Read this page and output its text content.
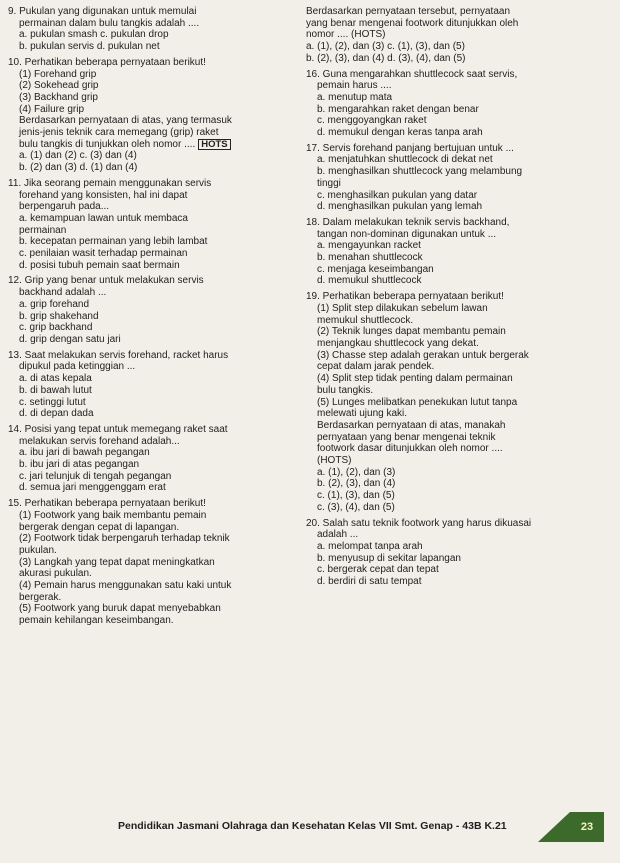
9. Pukulan yang digunakan untuk memulai
permainan dalam bulu tangkis adalah ....
a. pukulan smash c. pukulan drop
b. pukulan servis d. pukulan net
10. Perhatikan beberapa pernyataan berikut!
(1) Forehand grip
(2) Sokehead grip
(3) Backhand grip
(4) Failure grip
Berdasarkan pernyataan di atas, yang termasuk
jenis-jenis teknik cara memegang (grip) raket
bulu tangkis di tunjukkan oleh nomor .... HOTS
a. (1) dan (2) c. (3) dan (4)
b. (2) dan (3) d. (1) dan (4)
11. Jika seorang pemain menggunakan servis
forehand yang konsisten, hal ini dapat
berpengaruh pada...
a. kemampuan lawan untuk membaca
permainan
b. kecepatan permainan yang lebih lambat
c. penilaian wasit terhadap permainan
d. posisi tubuh pemain saat bermain
12. Grip yang benar untuk melakukan servis
backhand adalah ...
a. grip forehand
b. grip shakehand
c. grip backhand
d. grip dengan satu jari
13. Saat melakukan servis forehand, racket harus
dipukul pada ketinggian ...
a. di atas kepala
b. di bawah lutut
c. setinggi lutut
d. di depan dada
14. Posisi yang tepat untuk memegang raket saat
melakukan servis forehand adalah...
a. ibu jari di bawah pegangan
b. ibu jari di atas pegangan
c. jari telunjuk di tengah pegangan
d. semua jari menggenggam erat
15. Perhatikan beberapa pernyataan berikut!
(1) Footwork yang baik membantu pemain
bergerak dengan cepat di lapangan.
(2) Footwork tidak berpengaruh terhadap teknik
pukulan.
(3) Langkah yang tepat dapat meningkatkan
akurasi pukulan.
(4) Pemain harus menggunakan satu kaki untuk
bergerak.
(5) Footwork yang buruk dapat menyebabkan
pemain kehilangan keseimbangan.
Berdasarkan pernyataan tersebut, pernyataan
yang benar mengenai footwork ditunjukkan oleh
nomor .... (HOTS)
a. (1), (2), dan (3) c. (1), (3), dan (5)
b. (2), (3), dan (4) d. (3), (4), dan (5)
16. Guna mengarahkan shuttlecock saat servis,
pemain harus ....
a. menutup mata
b. mengarahkan raket dengan benar
c. menggoyangkan raket
d. memukul dengan keras tanpa arah
17. Servis forehand panjang bertujuan untuk ...
a. menjatuhkan shuttlecock di dekat net
b. menghasilkan shuttlecock yang melambung
tinggi
c. menghasilkan pukulan yang datar
d. menghasilkan pukulan yang lemah
18. Dalam melakukan teknik servis backhand,
tangan non-dominan digunakan untuk ...
a. mengayunkan racket
b. menahan shuttlecock
c. menjaga keseimbangan
d. memukul shuttlecock
19. Perhatikan beberapa pernyataan berikut!
(1) Split step dilakukan sebelum lawan
memukul shuttlecock.
(2) Teknik lunges dapat membantu pemain
menjangkau shuttlecock yang dekat.
(3) Chasse step adalah gerakan untuk bergerak
cepat dalam jarak pendek.
(4) Split step tidak penting dalam permainan
bulu tangkis.
(5) Lunges melibatkan penekukan lutut tanpa
melewati ujung kaki.
Berdasarkan pernyataan di atas, manakah
pernyataan yang benar mengenai teknik
footwork dasar ditunjukkan oleh nomor ....
(HOTS)
a. (1), (2), dan (3)
b. (2), (3), dan (4)
c. (1), (3), dan (5)
c. (3), (4), dan (5)
20. Salah satu teknik footwork yang harus dikuasai
adalah ...
a. melompat tanpa arah
b. menyusup di sekitar lapangan
c. bergerak cepat dan tepat
d. berdiri di satu tempat
23
Pendidikan Jasmani Olahraga dan Kesehatan Kelas VII Smt. Genap - 43B K.21
